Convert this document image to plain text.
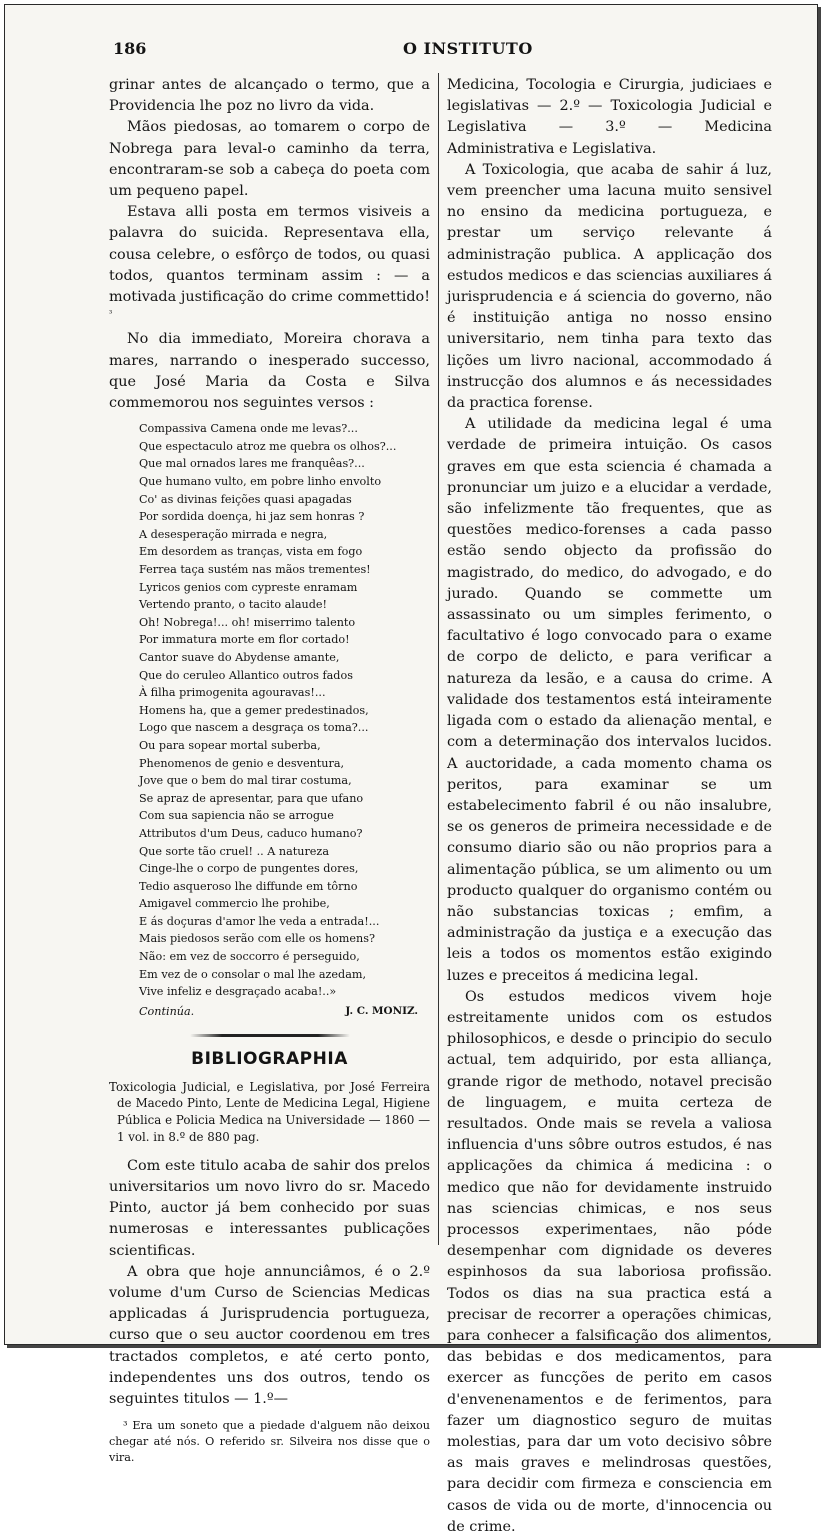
186	O INSTITUTO

grinar antes de alcançado o termo, que a Providencia lhe poz no livro da vida.

Mãos piedosas, ao tomarem o corpo de Nobrega para leval-o caminho da terra, encontraram-se sob a cabeça do poeta com um pequeno papel.

Estava alli posta em termos visiveis a palavra do suicida. Representava ella, cousa celebre, o esfôrço de todos, ou quasi todos, quantos terminam assim : — a motivada justificação do crime commettido!$^{^3}$

No dia immediato, Moreira chorava a mares, narrando o inesperado successo, que José Maria da Costa e Silva commemorou nos seguintes versos :

Compassiva Camena onde me levas?...
Que espectaculo atroz me quebra os olhos?...
Que mal ornados lares me franquêas?...
Que humano vulto, em pobre linho envolto
Co' as divinas feições quasi apagadas
Por sordida doença, hi jaz sem honras ?
A desesperação mirrada e negra,
Em desordem as tranças, vista em fogo
Ferrea taça sustém nas mãos trementes!
Lyricos genios com cypreste enramam
Vertendo pranto, o tacito alaude!
Oh! Nobrega!... oh! miserrimo talento
Por immatura morte em flor cortado!
Cantor suave do Abydense amante,
Que do ceruleo Allantico outros fados
À filha primogenita agouravas!...
Homens ha, que a gemer predestinados,
Logo que nascem a desgraça os toma?...
Ou para sopear mortal suberba,
Phenomenos de genio e desventura,
Jove que o bem do mal tirar costuma,
Se apraz de apresentar, para que ufano
Com sua sapiencia não se arrogue
Attributos d'um Deus, caduco humano?
Que sorte tão cruel! .. A natureza
Cinge-lhe o corpo de pungentes dores,
Tedio asqueroso lhe diffunde em tôrno
Amigavel commercio lhe prohibe,
E ás doçuras d'amor lhe veda a entrada!...
Mais piedosos serão com elle os homens?
Não: em vez de soccorro é perseguido,
Em vez de o consolar o mal lhe azedam,
Vive infeliz e desgraçado acaba!..»
Continúa.	J. C. MONIZ.
BIBLIOGRAPHIA
Toxicologia Judicial, e Legislativa, por José Ferreira de Macedo Pinto, Lente de Medicina Legal, Higiene Pública e Policia Medica na Universidade — 1860 — 1 vol. in 8.º de 880 pag.

Com este titulo acaba de sahir dos prelos universitarios um novo livro do sr. Macedo Pinto, auctor já bem conhecido por suas numerosas e interessantes publicações scientificas.

A obra que hoje annunciâmos, é o 2.º volume d'um Curso de Sciencias Medicas applicadas á Jurisprudencia portugueza, curso que o seu auctor coordenou em tres tractados completos, e até certo ponto, independentes uns dos outros, tendo os seguintes titulos — 1.º—

³ Era um soneto que a piedade d'alguem não deixou chegar até nós. O referido sr. Silveira nos disse que o vira.

Medicina, Tocologia e Cirurgia, judiciaes e legislativas — 2.º — Toxicologia Judicial e Legislativa — 3.º — Medicina Administrativa e Legislativa.

A Toxicologia, que acaba de sahir á luz, vem preencher uma lacuna muito sensivel no ensino da medicina portugueza, e prestar um serviço relevante á administração publica. A applicação dos estudos medicos e das sciencias auxiliares á jurisprudencia e á sciencia do governo, não é instituição antiga no nosso ensino universitario, nem tinha para texto das lições um livro nacional, accommodado á instrucção dos alumnos e ás necessidades da practica forense.

A utilidade da medicina legal é uma verdade de primeira intuição. Os casos graves em que esta sciencia é chamada a pronunciar um juizo e a elucidar a verdade, são infelizmente tão frequentes, que as questões medico-forenses a cada passo estão sendo objecto da profissão do magistrado, do medico, do advogado, e do jurado. Quando se commette um assassinato ou um simples ferimento, o facultativo é logo convocado para o exame de corpo de delicto, e para verificar a natureza da lesão, e a causa do crime. A validade dos testamentos está inteiramente ligada com o estado da alienação mental, e com a determinação dos intervalos lucidos. A auctoridade, a cada momento chama os peritos, para examinar se um estabelecimento fabril é ou não insalubre, se os generos de primeira necessidade e de consumo diario são ou não proprios para a alimentação pública, se um alimento ou um producto qualquer do organismo contém ou não substancias toxicas ; emfim, a administração da justiça e a execução das leis a todos os momentos estão exigindo luzes e preceitos á medicina legal.

Os estudos medicos vivem hoje estreitamente unidos com os estudos philosophicos, e desde o principio do seculo actual, tem adquirido, por esta alliança, grande rigor de methodo, notavel precisão de linguagem, e muita certeza de resultados. Onde mais se revela a valiosa influencia d'uns sôbre outros estudos, é nas applicações da chimica á medicina : o medico que não for devidamente instruido nas sciencias chimicas, e nos seus processos experimentaes, não póde desempenhar com dignidade os deveres espinhosos da sua laboriosa profissão. Todos os dias na sua practica está a precisar de recorrer a operações chimicas, para conhecer a falsificação dos alimentos, das bebidas e dos medicamentos, para exercer as funcções de perito em casos d'envenenamentos e de ferimentos, para fazer um diagnostico seguro de muitas molestias, para dar um voto decisivo sôbre as mais graves e melindrosas questões, para decidir com firmeza e consciencia em casos de vida ou de morte, d'innocencia ou de crime.
